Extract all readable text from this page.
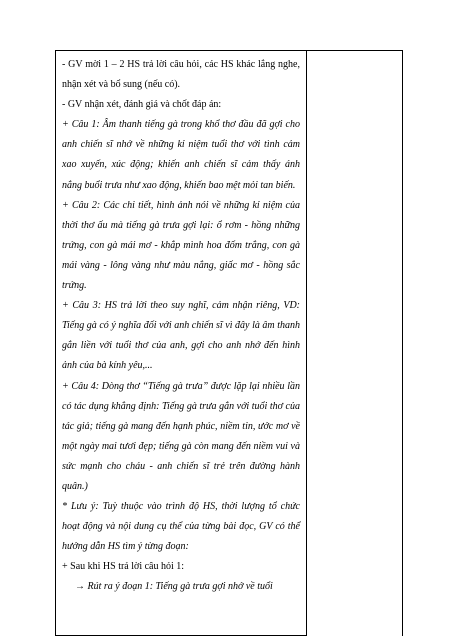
- GV mời 1 – 2 HS trả lời câu hỏi, các HS khác lắng nghe, nhận xét và bổ sung (nếu có).

- GV nhận xét, đánh giá và chốt đáp án:

+ Câu 1: Âm thanh tiếng gà trong khổ thơ đầu đã gợi cho anh chiến sĩ nhớ về những kỉ niệm tuổi thơ với tình cảm xao xuyến, xúc động; khiến anh chiến sĩ cảm thấy ánh nắng buổi trưa như xao động, khiến bao mệt mỏi tan biến.

+ Câu 2: Các chi tiết, hình ảnh nói về những kỉ niệm của thời thơ ấu mà tiếng gà trưa gợi lại: ổ rơm - hồng những trứng, con gà mái mơ - khắp mình hoa đốm trắng, con gà mái vàng - lông vàng như màu nắng, giấc mơ - hồng sắc trứng.

+ Câu 3: HS trả lời theo suy nghĩ, cảm nhận riêng, VD: Tiếng gà có ý nghĩa đối với anh chiến sĩ vì đây là âm thanh gắn liền với tuổi thơ của anh, gợi cho anh nhớ đến hình ảnh của bà kính yêu,...

+ Câu 4: Dòng thơ “Tiếng gà trưa” được lặp lại nhiều lần có tác dụng khẳng định: Tiếng gà trưa gắn với tuổi thơ của tác giả; tiếng gà mang đến hạnh phúc, niềm tin, ước mơ về một ngày mai tươi đẹp; tiếng gà còn mang đến niềm vui và sức mạnh cho cháu - anh chiến sĩ trẻ trên đường hành quân.)

* Lưu ý: Tuỳ thuộc vào trình độ HS, thời lượng tổ chức hoạt động và nội dung cụ thể của từng bài đọc, GV có thể hướng dẫn HS tìm ý từng đoạn:

+ Sau khi HS trả lời câu hỏi 1:

→ Rút ra ý đoạn 1: Tiếng gà trưa gợi nhớ về tuổi
